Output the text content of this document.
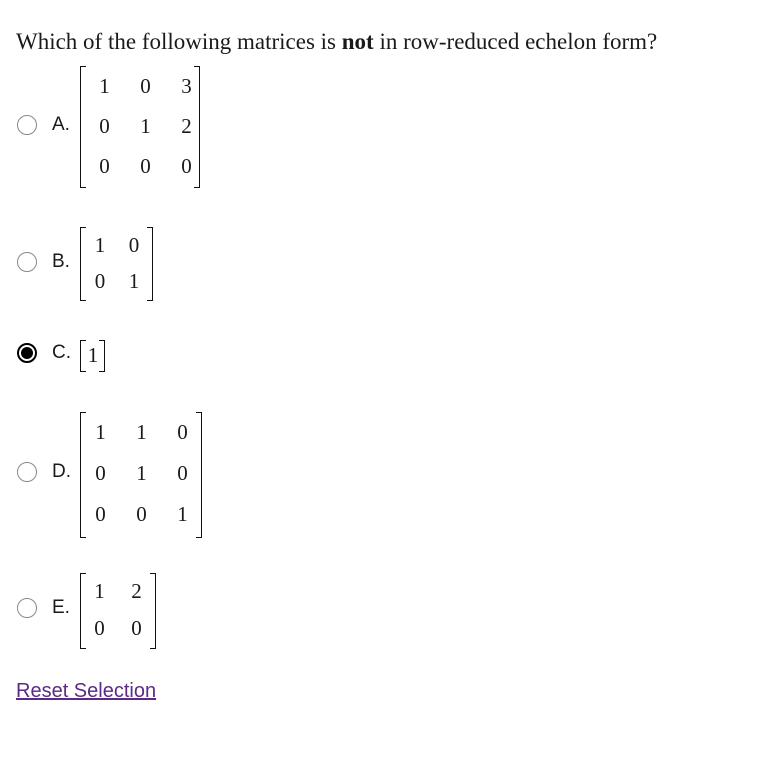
Which of the following matrices is not in row-reduced echelon form?
A.
1	0	3
0	1	2
0	0	0
B.
1	0
0	1
C. 1
D.
1	1	0
0	1	0
0	0	1
E.
1	2
0	0
Reset Selection
